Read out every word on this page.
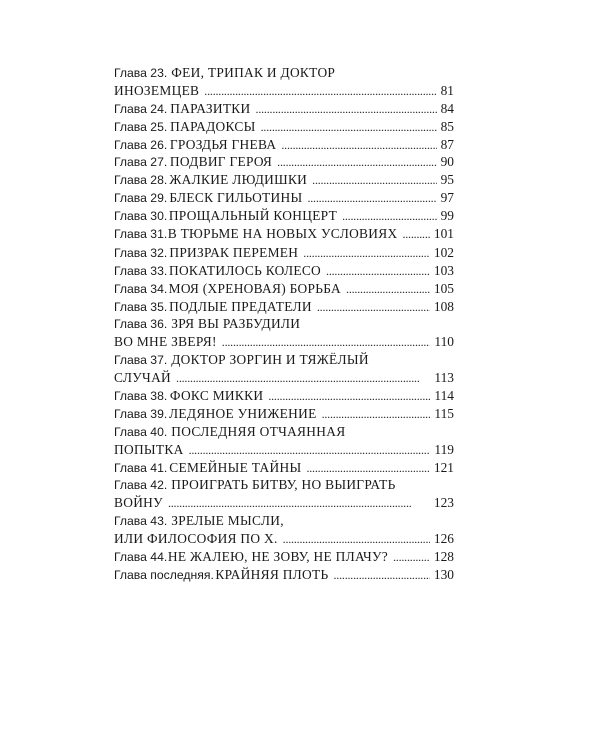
Глава 23. ФЕИ, ТРИПАК И ДОКТОР
ИНОЗЕМЦЕВ . . .	81
Глава 24. ПАРАЗИТКИ . . .	84
Глава 25. ПАРАДОКСЫ . . .	85
Глава 26. ГРОЗДЬЯ ГНЕВА . . .	87
Глава 27. ПОДВИГ ГЕРОЯ . . .	90
Глава 28. ЖАЛКИЕ ЛЮДИШКИ . . .	95
Глава 29. БЛЕСК ГИЛЬОТИНЫ . . .	97
Глава 30. ПРОЩАЛЬНЫЙ КОНЦЕРТ . . .	99
Глава 31. В ТЮРЬМЕ НА НОВЫХ УСЛОВИЯХ . . .	101
Глава 32. ПРИЗРАК ПЕРЕМЕН . . .	102
Глава 33. ПОКАТИЛОСЬ КОЛЕСО . . .	103
Глава 34. МОЯ (ХРЕНОВАЯ) БОРЬБА . . .	105
Глава 35. ПОДЛЫЕ ПРЕДАТЕЛИ . . .	108
Глава 36. ЗРЯ ВЫ РАЗБУДИЛИ
ВО МНЕ ЗВЕРЯ! . . .	110
Глава 37. ДОКТОР ЗОРГИН И ТЯЖЁЛЫЙ
СЛУЧАЙ . . .	113
Глава 38. ФОКС МИККИ . . .	114
Глава 39. ЛЕДЯНОЕ УНИЖЕНИЕ . . .	115
Глава 40. ПОСЛЕДНЯЯ ОТЧАЯННАЯ
ПОПЫТКА . . .	119
Глава 41. СЕМЕЙНЫЕ ТАЙНЫ . . .	121
Глава 42. ПРОИГРАТЬ БИТВУ, НО ВЫИГРАТЬ
ВОЙНУ . . .	123
Глава 43. ЗРЕЛЫЕ МЫСЛИ,
ИЛИ ФИЛОСОФИЯ ПО Х. . . .	126
Глава 44. НЕ ЖАЛЕЮ, НЕ ЗОВУ, НЕ ПЛАЧУ? . . .	128
Глава последняя. КРАЙНЯЯ ПЛОТЬ . . .	130
